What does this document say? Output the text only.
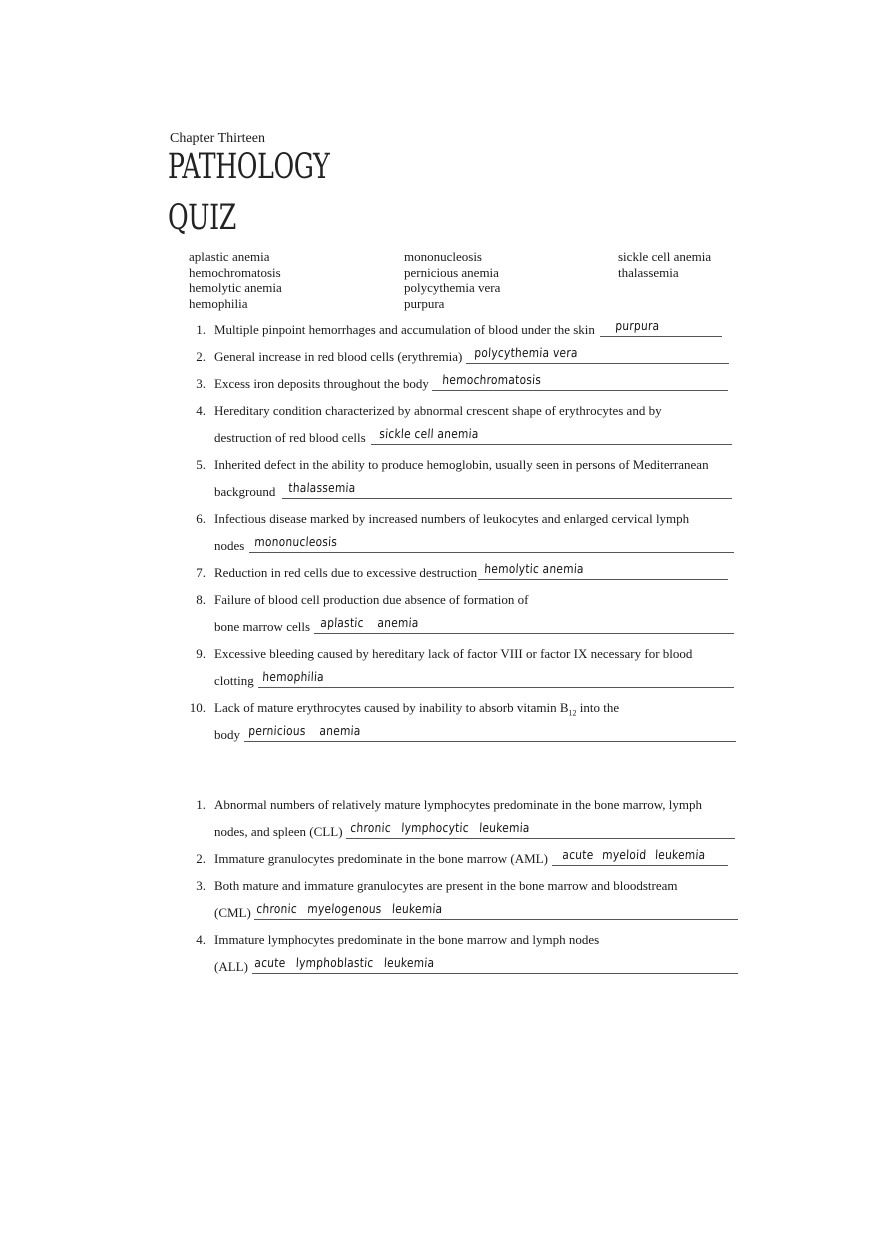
Chapter Thirteen
PATHOLOGY
QUIZ
aplastic anemia
hemochromatosis
hemolytic anemia
hemophilia
mononucleosis
pernicious anemia
polycythemia vera
purpura
sickle cell anemia
thalassemia
1. Multiple pinpoint hemorrhages and accumulation of blood under the skin purpura
2. General increase in red blood cells (erythremia) polycythemia vera
3. Excess iron deposits throughout the body hemochromatosis
4. Hereditary condition characterized by abnormal crescent shape of erythrocytes and by
destruction of red blood cells sickle cell anemia
5. Inherited defect in the ability to produce hemoglobin, usually seen in persons of Mediterranean
background thalassemia
6. Infectious disease marked by increased numbers of leukocytes and enlarged cervical lymph
nodes mononucleosis
7. Reduction in red cells due to excessive destruction hemolytic anemia
8. Failure of blood cell production due absence of formation of
bone marrow cells aplastic anemia
9. Excessive bleeding caused by hereditary lack of factor VIII or factor IX necessary for blood
clotting hemophilia
10. Lack of mature erythrocytes caused by inability to absorb vitamin $B_{12}$ into the
body pernicious anemia
1. Abnormal numbers of relatively mature lymphocytes predominate in the bone marrow, lymph
nodes, and spleen (CLL) chronic lymphocytic leukemia
2. Immature granulocytes predominate in the bone marrow (AML) acute myeloid leukemia
3. Both mature and immature granulocytes are present in the bone marrow and bloodstream
(CML) chronic myelogenous leukemia
4. Immature lymphocytes predominate in the bone marrow and lymph nodes
(ALL) acute lymphoblastic leukemia
